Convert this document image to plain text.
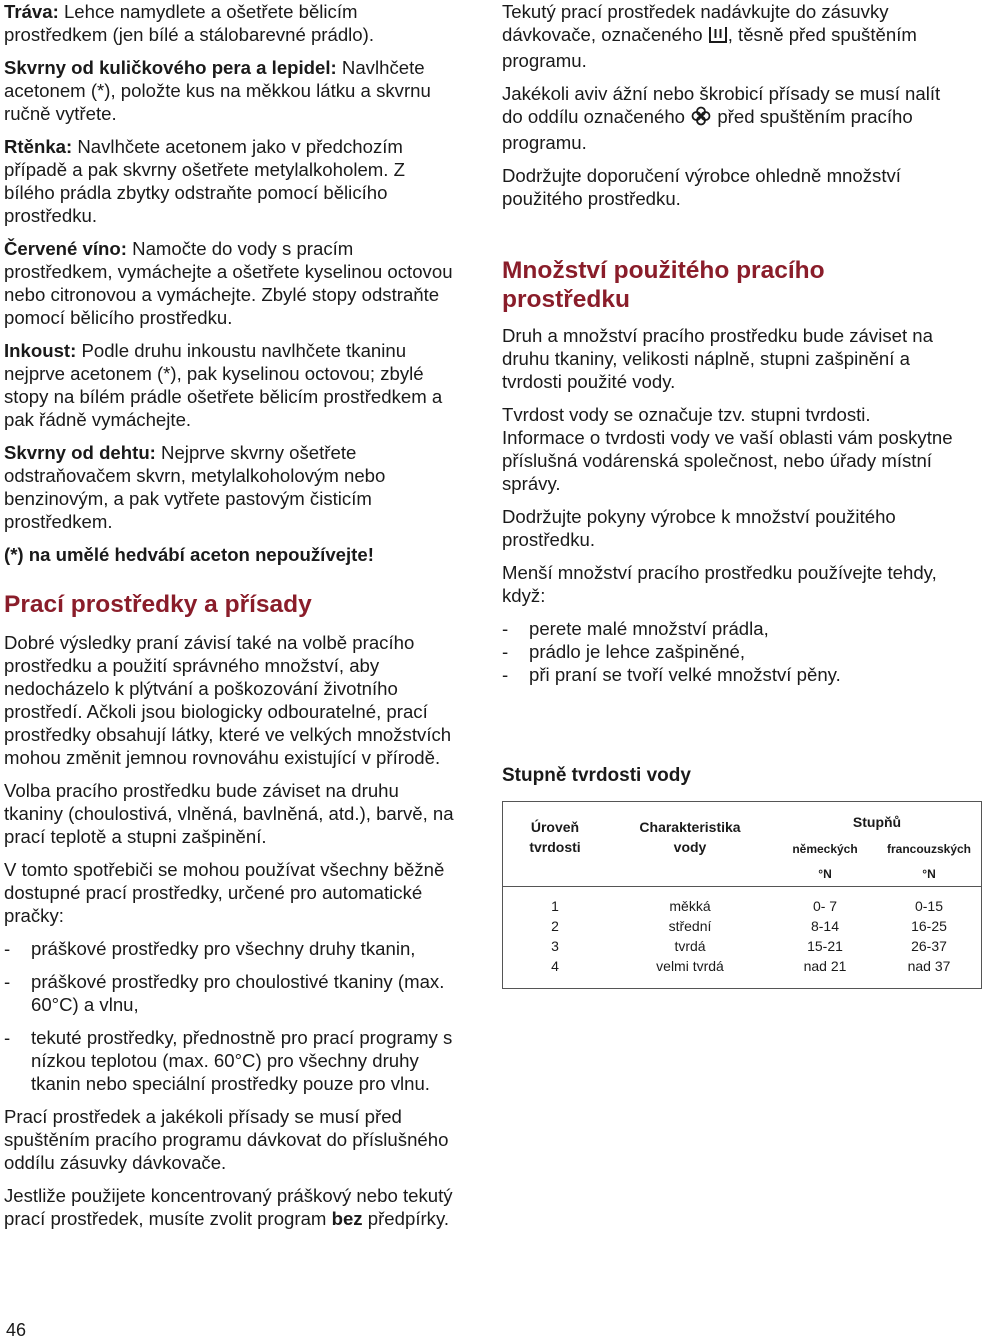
Tráva: Lehce namydlete a ošetřete bělicím prostředkem (jen bílé a stálobarevné prádlo).

Skvrny od kuličkového pera a lepidel: Navlhčete acetonem (*), položte kus na měkkou látku a skvrnu ručně vytřete.

Rtěnka: Navlhčete acetonem jako v předchozím případě a pak skvrny ošetřete metylalkoholem. Z bílého prádla zbytky odstraňte pomocí bělicího prostředku.

Červené víno: Namočte do vody s pracím prostředkem, vymáchejte a ošetřete kyselinou octovou nebo citronovou a vymáchejte. Zbylé stopy odstraňte pomocí bělicího prostředku.

Inkoust: Podle druhu inkoustu navlhčete tkaninu nejprve acetonem (*), pak kyselinou octovou; zbylé stopy na bílém prádle ošetřete bělicím prostředkem a pak řádně vymáchejte.

Skvrny od dehtu: Nejprve skvrny ošetřete odstraňovačem skvrn, metylalkoholovým nebo benzinovým, a pak vytřete pastovým čisticím prostředkem.

(*) na umělé hedvábí aceton nepoužívejte!

Prací prostředky a přísady

Dobré výsledky praní závisí také na volbě pracího prostředku a použití správného množství, aby nedocházelo k plýtvání a poškozování životního prostředí. Ačkoli jsou biologicky odbouratelné, prací prostředky obsahují látky, které ve velkých množstvích mohou změnit jemnou rovnováhu existující v přírodě.

Volba pracího prostředku bude záviset na druhu tkaniny (choulostivá, vlněná, bavlněná, atd.), barvě, na prací teplotě a stupni zašpinění.

V tomto spotřebiči se mohou používat všechny běžně dostupné prací prostředky, určené pro automatické pračky:

- práškové prostředky pro všechny druhy tkanin,
- práškové prostředky pro choulostivé tkaniny (max. 60°C) a vlnu,
- tekuté prostředky, přednostně pro prací programy s nízkou teplotou (max. 60°C) pro všechny druhy tkanin nebo speciální prostředky pouze pro vlnu.

Prací prostředek a jakékoli přísady se musí před spuštěním pracího programu dávkovat do příslušného oddílu zásuvky dávkovače.

Jestliže použijete koncentrovaný práškový nebo tekutý prací prostředek, musíte zvolit program bez předpírky.

46

Tekutý prací prostředek nadávkujte do zásuvky dávkovače, označeného , těsně před spuštěním programu.

Jakékoli aviv ážní nebo škrobicí přísady se musí nalít do oddílu označeného  před spuštěním pracího programu.

Dodržujte doporučení výrobce ohledně množství použitého prostředku.

Množství použitého pracího prostředku

Druh a množství pracího prostředku bude záviset na druhu tkaniny, velikosti náplně, stupni zašpinění a tvrdosti použité vody.

Tvrdost vody se označuje tzv. stupni tvrdosti. Informace o tvrdosti vody ve vaší oblasti vám poskytne příslušná vodárenská společnost, nebo úřady místní správy.

Dodržujte pokyny výrobce k množství použitého prostředku.

Menší množství pracího prostředku používejte tehdy, když:

- perete malé množství prádla,
- prádlo je lehce zašpiněné,
- při praní se tvoří velké množství pěny.
Stupně tvrdosti vody
Úroveň tvrdosti	Charakteristika vody	Stupňů	
		německých	francouzských
		°N	°N

1	měkká	0- 7	0-15
2	střední	8-14	16-25
3	tvrdá	15-21	26-37
4	velmi tvrdá	nad 21	nad 37
